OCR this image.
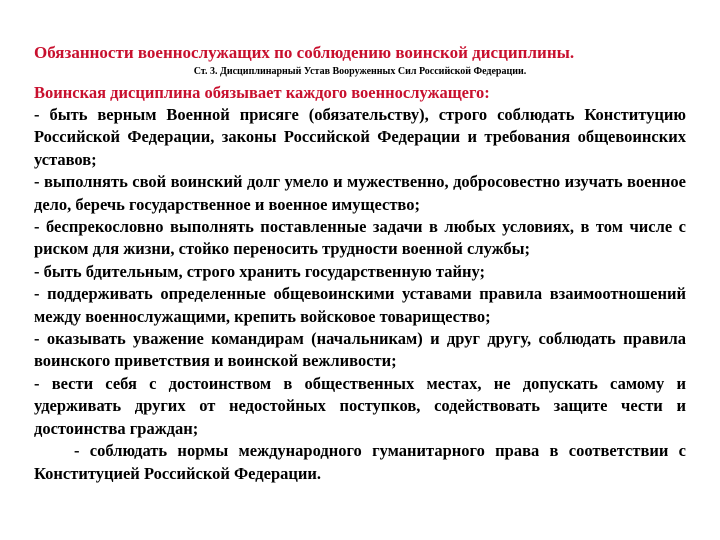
Обязанности военнослужащих по соблюдению воинской дисциплины.

Ст. 3. Дисциплинарный Устав Вооруженных Сил Российской Федерации.

Воинская дисциплина обязывает каждого военнослужащего:

- быть верным Военной присяге (обязательству), строго соблюдать Конституцию Российской Федерации, законы Российской Федерации и требования общевоинских уставов;
- выполнять свой воинский долг умело и мужественно, добросовестно изучать военное дело, беречь государственное и военное имущество;
- беспрекословно выполнять поставленные задачи в любых условиях, в том числе с риском для жизни, стойко переносить трудности военной службы;
- быть бдительным, строго хранить государственную тайну;
- поддерживать определенные общевоинскими уставами правила взаимоотношений между военнослужащими, крепить войсковое товарищество;
- оказывать уважение командирам (начальникам) и друг другу, соблюдать правила воинского приветствия и воинской вежливости;
- вести себя с достоинством в общественных местах, не допускать самому и удерживать других от недостойных поступков, содействовать защите чести и достоинства граждан;
- соблюдать нормы международного гуманитарного права в соответствии с Конституцией Российской Федерации.
